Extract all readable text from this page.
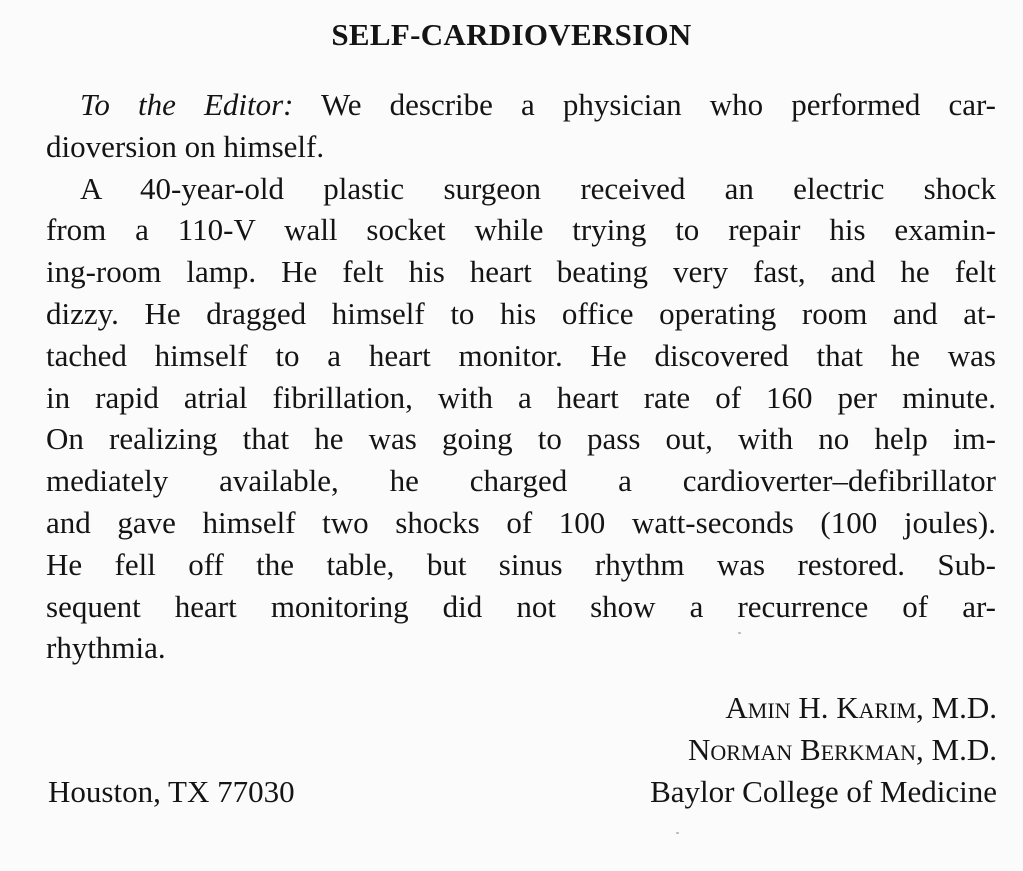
SELF-CARDIOVERSION
To the Editor: We describe a physician who performed car-
dioversion on himself.
A 40-year-old plastic surgeon received an electric shock
from a 110-V wall socket while trying to repair his examin-
ing-room lamp. He felt his heart beating very fast, and he felt
dizzy. He dragged himself to his office operating room and at-
tached himself to a heart monitor. He discovered that he was
in rapid atrial fibrillation, with a heart rate of 160 per minute.
On realizing that he was going to pass out, with no help im-
mediately available, he charged a cardioverter–defibrillator
and gave himself two shocks of 100 watt-seconds (100 joules).
He fell off the table, but sinus rhythm was restored. Sub-
sequent heart monitoring did not show a recurrence of ar-
rhythmia.
Amin H. Karim, M.D.
Norman Berkman, M.D.
Baylor College of Medicine
Houston, TX 77030
